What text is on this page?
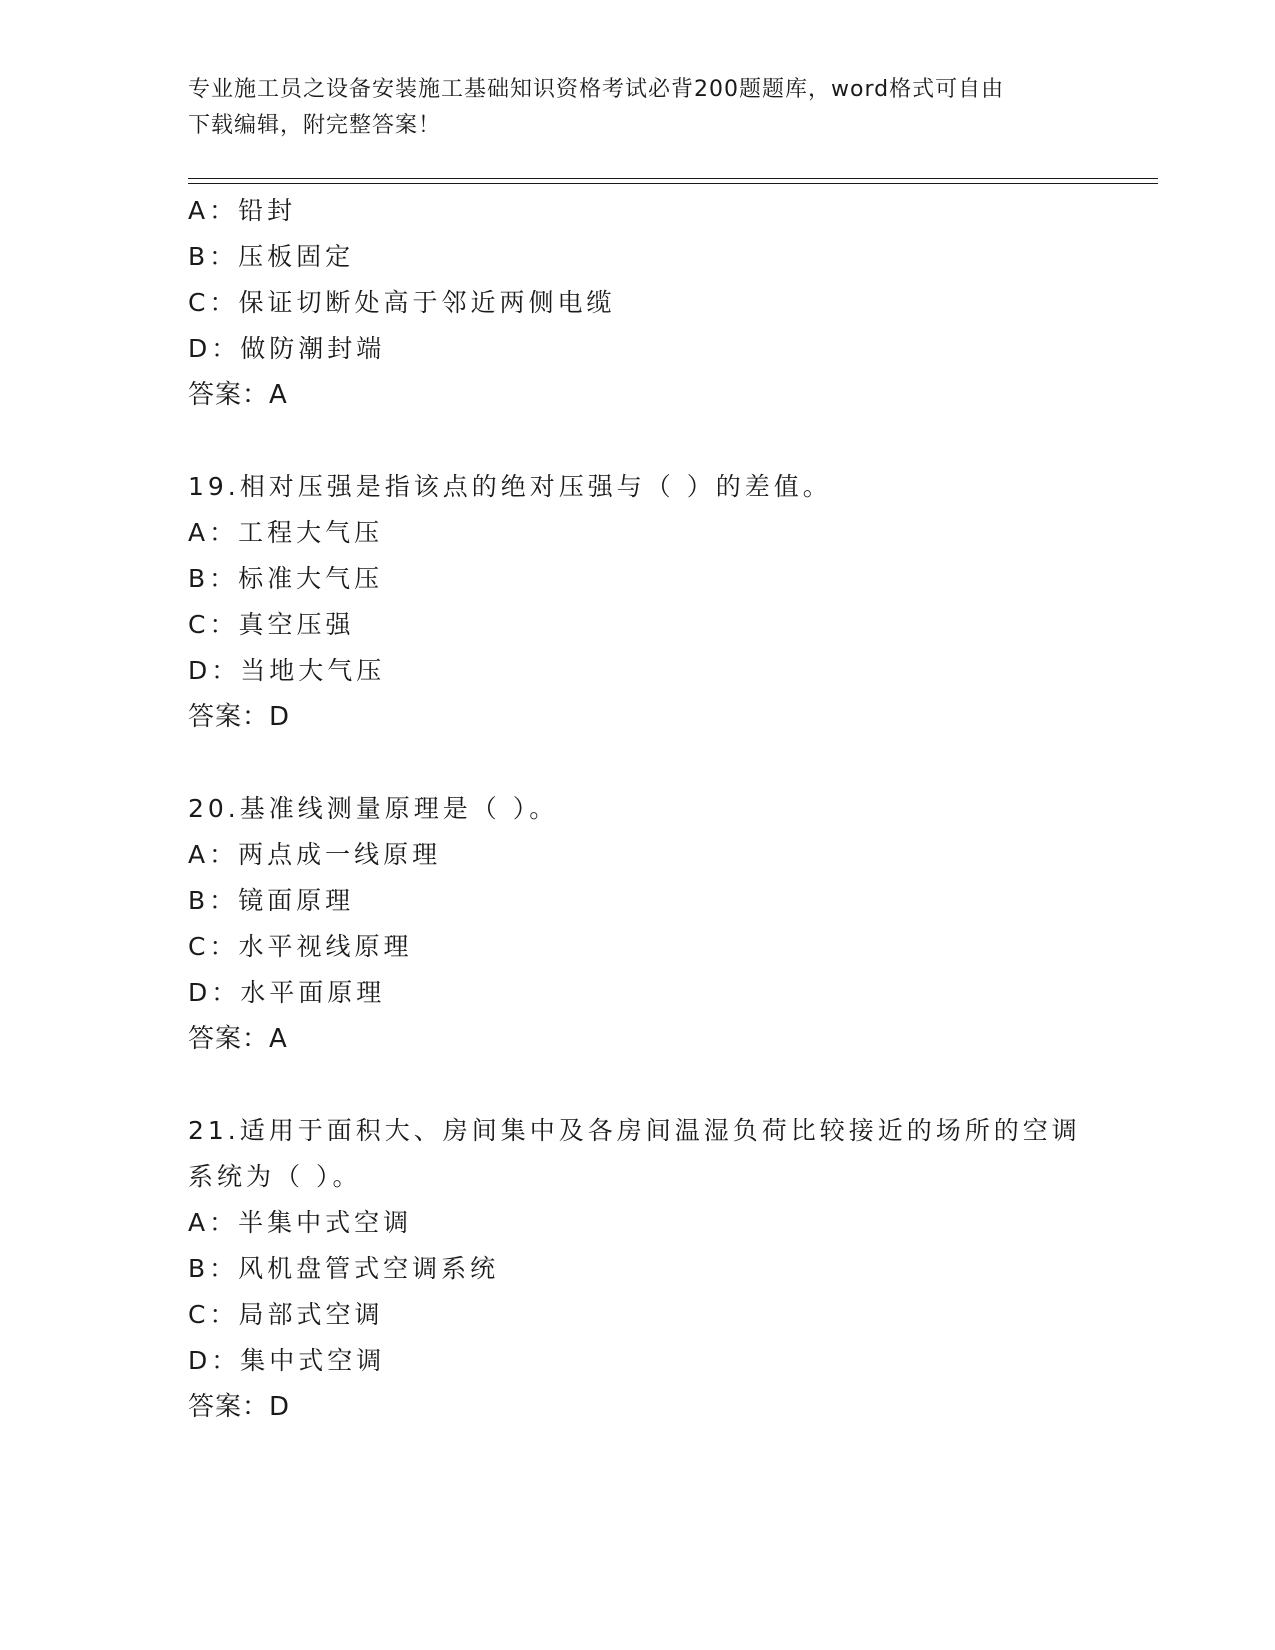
专业施工员之设备安装施工基础知识资格考试必背200题题库，word格式可自由
下载编辑，附完整答案！
A：铅封
B：压板固定
C：保证切断处高于邻近两侧电缆
D：做防潮封端
答案：A
19.相对压强是指该点的绝对压强与（ ）的差值。
A：工程大气压
B：标准大气压
C：真空压强
D：当地大气压
答案：D
20.基准线测量原理是（ ）。
A：两点成一线原理
B：镜面原理
C：水平视线原理
D：水平面原理
答案：A
21.适用于面积大、房间集中及各房间温湿负荷比较接近的场所的空调
系统为（ ）。
A：半集中式空调
B：风机盘管式空调系统
C：局部式空调
D：集中式空调
答案：D
